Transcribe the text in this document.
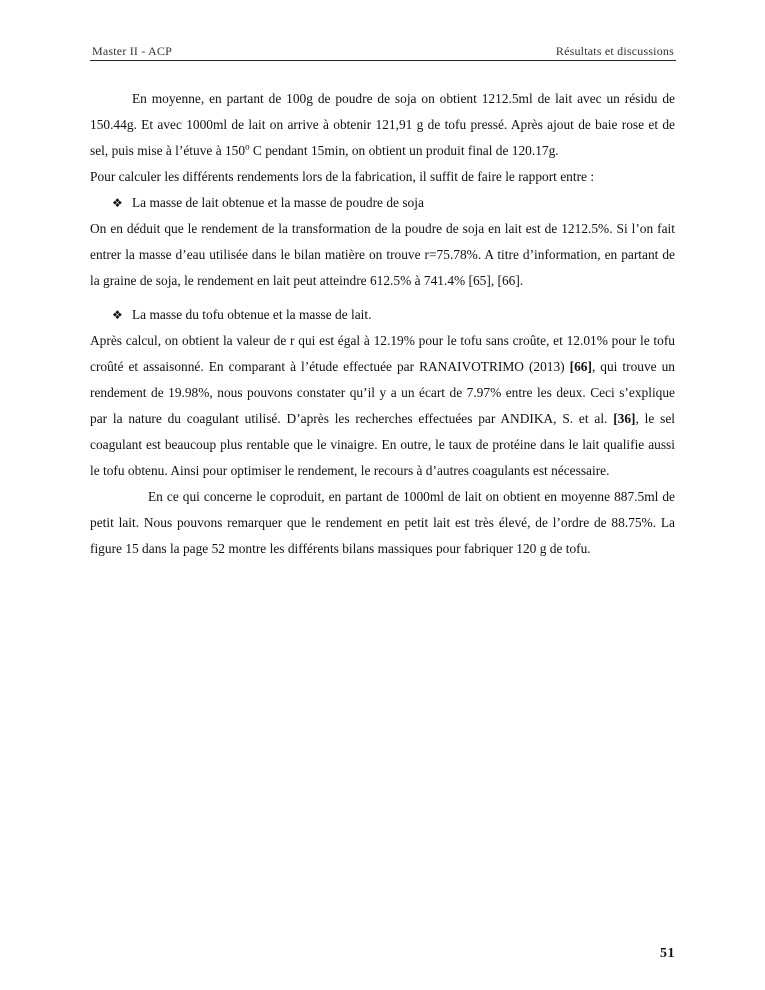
Master II - ACP	Résultats et discussions

En moyenne, en partant de 100g de poudre de soja on obtient 1212.5ml de lait avec un résidu de 150.44g. Et avec 1000ml de lait on arrive à obtenir 121,91 g de tofu pressé. Après ajout de baie rose et de sel, puis mise à l’étuve à 150$^o$ C pendant 15min, on obtient un produit final de 120.17g.

Pour calculer les différents rendements lors de la fabrication, il suffit de faire le rapport entre :

❖ La masse de lait obtenue et la masse de poudre de soja

On en déduit que le rendement de la transformation de la poudre de soja en lait est de 1212.5%. Si l’on fait entrer la masse d’eau utilisée dans le bilan matière on trouve r=75.78%. A titre d’information, en partant de la graine de soja, le rendement en lait peut atteindre 612.5% à 741.4% [65], [66].

❖ La masse du tofu obtenue et la masse de lait.

Après calcul, on obtient la valeur de r qui est égal à 12.19% pour le tofu sans croûte, et 12.01% pour le tofu croûté et assaisonné. En comparant à l’étude effectuée par RANAIVOTRIMO (2013) [66], qui trouve un rendement de 19.98%, nous pouvons constater qu’il y a un écart de 7.97% entre les deux. Ceci s’explique par la nature du coagulant utilisé. D’après les recherches effectuées par ANDIKA, S. et al. [36], le sel coagulant est beaucoup plus rentable que le vinaigre. En outre, le taux de protéine dans le lait qualifie aussi le tofu obtenu. Ainsi pour optimiser le rendement, le recours à d’autres coagulants est nécessaire.

En ce qui concerne le coproduit, en partant de 1000ml de lait on obtient en moyenne 887.5ml de petit lait. Nous pouvons remarquer que le rendement en petit lait est très élevé, de l’ordre de 88.75%. La figure 15 dans la page 52 montre les différents bilans massiques pour fabriquer 120 g de tofu.

51
